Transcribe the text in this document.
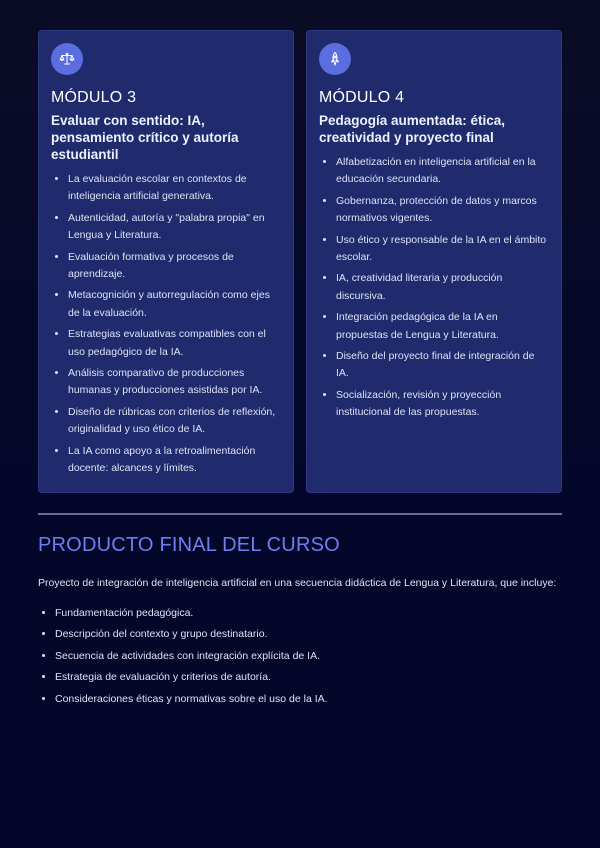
MÓDULO 3
Evaluar con sentido: IA, pensamiento crítico y autoría estudiantil
• La evaluación escolar en contextos de inteligencia artificial generativa.
• Autenticidad, autoría y "palabra propia" en Lengua y Literatura.
• Evaluación formativa y procesos de aprendizaje.
• Metacognición y autorregulación como ejes de la evaluación.
• Estrategias evaluativas compatibles con el uso pedagógico de la IA.
• Análisis comparativo de producciones humanas y producciones asistidas por IA.
• Diseño de rúbricas con criterios de reflexión, originalidad y uso ético de IA.
• La IA como apoyo a la retroalimentación docente: alcances y límites.
MÓDULO 4
Pedagogía aumentada: ética, creatividad y proyecto final
• Alfabetización en inteligencia artificial en la educación secundaria.
• Gobernanza, protección de datos y marcos normativos vigentes.
• Uso ético y responsable de la IA en el ámbito escolar.
• IA, creatividad literaria y producción discursiva.
• Integración pedagógica de la IA en propuestas de Lengua y Literatura.
• Diseño del proyecto final de integración de IA.
• Socialización, revisión y proyección institucional de las propuestas.
PRODUCTO FINAL DEL CURSO
Proyecto de integración de inteligencia artificial en una secuencia didáctica de Lengua y Literatura, que incluye:
• Fundamentación pedagógica.
• Descripción del contexto y grupo destinatario.
• Secuencia de actividades con integración explícita de IA.
• Estrategia de evaluación y criterios de autoría.
• Consideraciones éticas y normativas sobre el uso de la IA.
